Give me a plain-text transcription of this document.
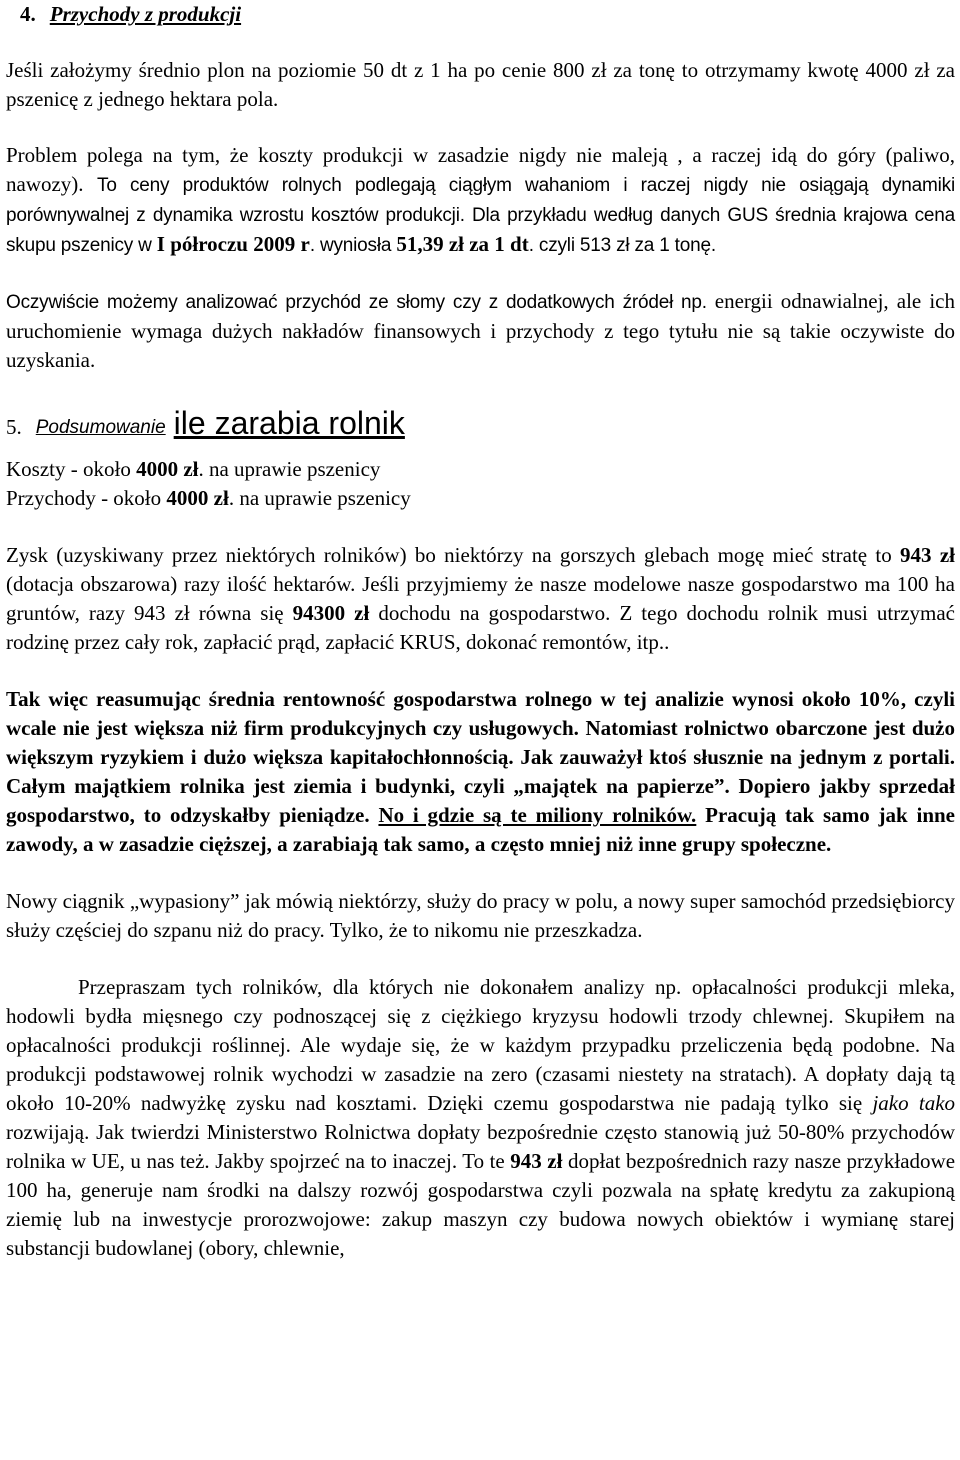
4. Przychody z produkcji

Jeśli założymy średnio plon na poziomie 50 dt z 1 ha po cenie 800 zł za tonę to otrzymamy kwotę 4000 zł za pszenicę z jednego hektara pola.

Problem polega na tym, że koszty produkcji w zasadzie nigdy nie maleją , a raczej idą do góry (paliwo, nawozy). To ceny produktów rolnych podlegają ciągłym wahaniom i raczej nigdy nie osiągają dynamiki porównywalnej z dynamika wzrostu kosztów produkcji. Dla przykładu według danych GUS średnia krajowa cena skupu pszenicy w I półroczu 2009 r. wyniosła 51,39 zł za 1 dt. czyli 513 zł za 1 tonę.

Oczywiście możemy analizować przychód ze słomy czy z dodatkowych źródeł np. energii odnawialnej, ale ich uruchomienie wymaga dużych nakładów finansowych i przychody z tego tytułu nie są takie oczywiste do uzyskania.

5. Podsumowanie ile zarabia rolnik

Koszty - około 4000 zł. na uprawie pszenicy

Przychody - około 4000 zł. na uprawie pszenicy

Zysk (uzyskiwany przez niektórych rolników) bo niektórzy na gorszych glebach mogę mieć stratę to 943 zł (dotacja obszarowa) razy ilość hektarów. Jeśli przyjmiemy że nasze modelowe nasze gospodarstwo ma 100 ha gruntów, razy 943 zł równa się 94300 zł dochodu na gospodarstwo. Z tego dochodu rolnik musi utrzymać rodzinę przez cały rok, zapłacić prąd, zapłacić KRUS, dokonać remontów, itp..

Tak więc reasumując średnia rentowność gospodarstwa rolnego w tej analizie wynosi około 10%, czyli wcale nie jest większa niż firm produkcyjnych czy usługowych. Natomiast rolnictwo obarczone jest dużo większym ryzykiem i dużo większa kapitałochłonnością. Jak zauważył ktoś słusznie na jednym z portali. Całym majątkiem rolnika jest ziemia i budynki, czyli „majątek na papierze”. Dopiero jakby sprzedał gospodarstwo, to odzyskałby pieniądze. No i gdzie są te miliony rolników. Pracują tak samo jak inne zawody, a w zasadzie cięższej, a zarabiają tak samo, a często mniej niż inne grupy społeczne.

Nowy ciągnik „wypasiony” jak mówią niektórzy, służy do pracy w polu, a nowy super samochód przedsiębiorcy służy częściej do szpanu niż do pracy. Tylko, że to nikomu nie przeszkadza.

Przepraszam tych rolników, dla których nie dokonałem analizy np. opłacalności produkcji mleka, hodowli bydła mięsnego czy podnoszącej się z ciężkiego kryzysu hodowli trzody chlewnej. Skupiłem na opłacalności produkcji roślinnej. Ale wydaje się, że w każdym przypadku przeliczenia będą podobne. Na produkcji podstawowej rolnik wychodzi w zasadzie na zero (czasami niestety na stratach). A dopłaty dają tą około 10-20% nadwyżkę zysku nad kosztami. Dzięki czemu gospodarstwa nie padają tylko się jako tako rozwijają. Jak twierdzi Ministerstwo Rolnictwa dopłaty bezpośrednie często stanowią już 50-80% przychodów rolnika w UE, u nas też. Jakby spojrzeć na to inaczej. To te 943 zł dopłat bezpośrednich razy nasze przykładowe 100 ha, generuje nam środki na dalszy rozwój gospodarstwa czyli pozwala na spłatę kredytu za zakupioną ziemię lub na inwestycje prorozwojowe: zakup maszyn czy budowa nowych obiektów i wymianę starej substancji budowlanej (obory, chlewnie,
